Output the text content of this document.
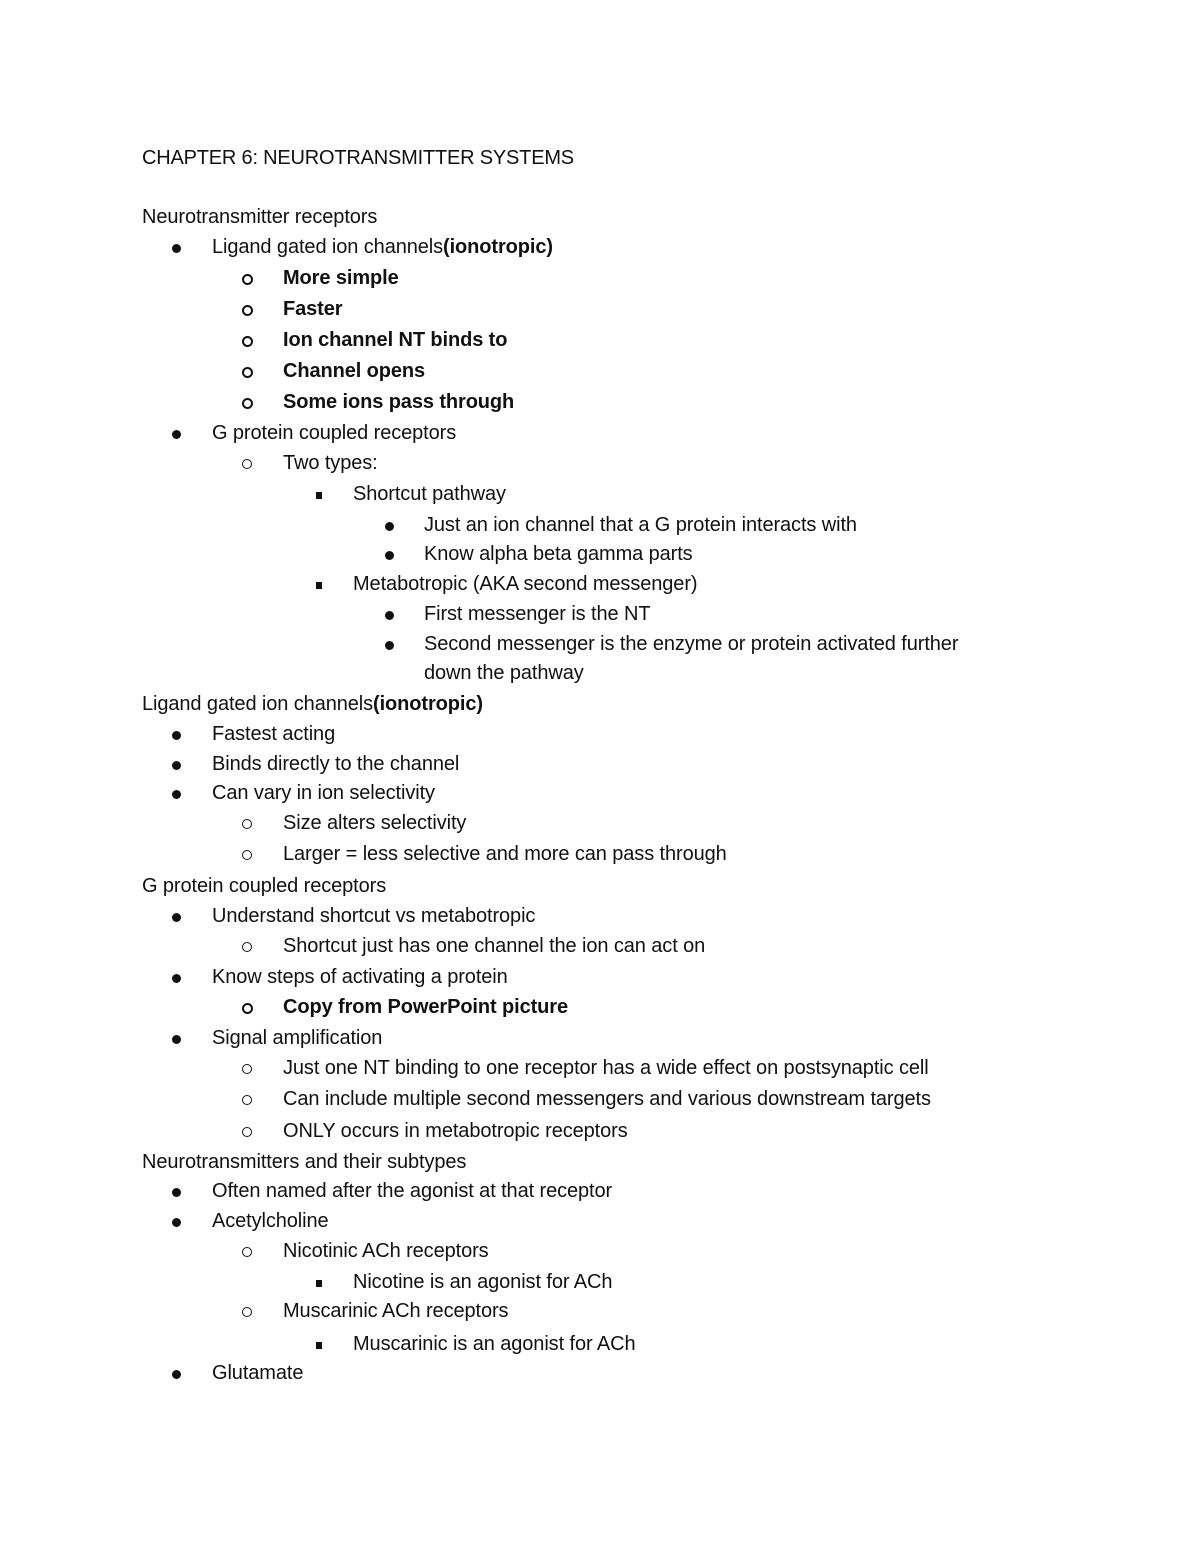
CHAPTER 6: NEUROTRANSMITTER SYSTEMS
Neurotransmitter receptors
Ligand gated ion channels(ionotropic)
More simple
Faster
Ion channel NT binds to
Channel opens
Some ions pass through
G protein coupled receptors
Two types:
Shortcut pathway
Just an ion channel that a G protein interacts with
Know alpha beta gamma parts
Metabotropic (AKA second messenger)
First messenger is the NT
Second messenger is the enzyme or protein activated further
down the pathway
Ligand gated ion channels(ionotropic)
Fastest acting
Binds directly to the channel
Can vary in ion selectivity
Size alters selectivity
Larger = less selective and more can pass through
G protein coupled receptors
Understand shortcut vs metabotropic
Shortcut just has one channel the ion can act on
Know steps of activating a protein
Copy from PowerPoint picture
Signal amplification
Just one NT binding to one receptor has a wide effect on postsynaptic cell
Can include multiple second messengers and various downstream targets
ONLY occurs in metabotropic receptors
Neurotransmitters and their subtypes
Often named after the agonist at that receptor
Acetylcholine
Nicotinic ACh receptors
Nicotine is an agonist for ACh
Muscarinic ACh receptors
Muscarinic is an agonist for ACh
Glutamate
